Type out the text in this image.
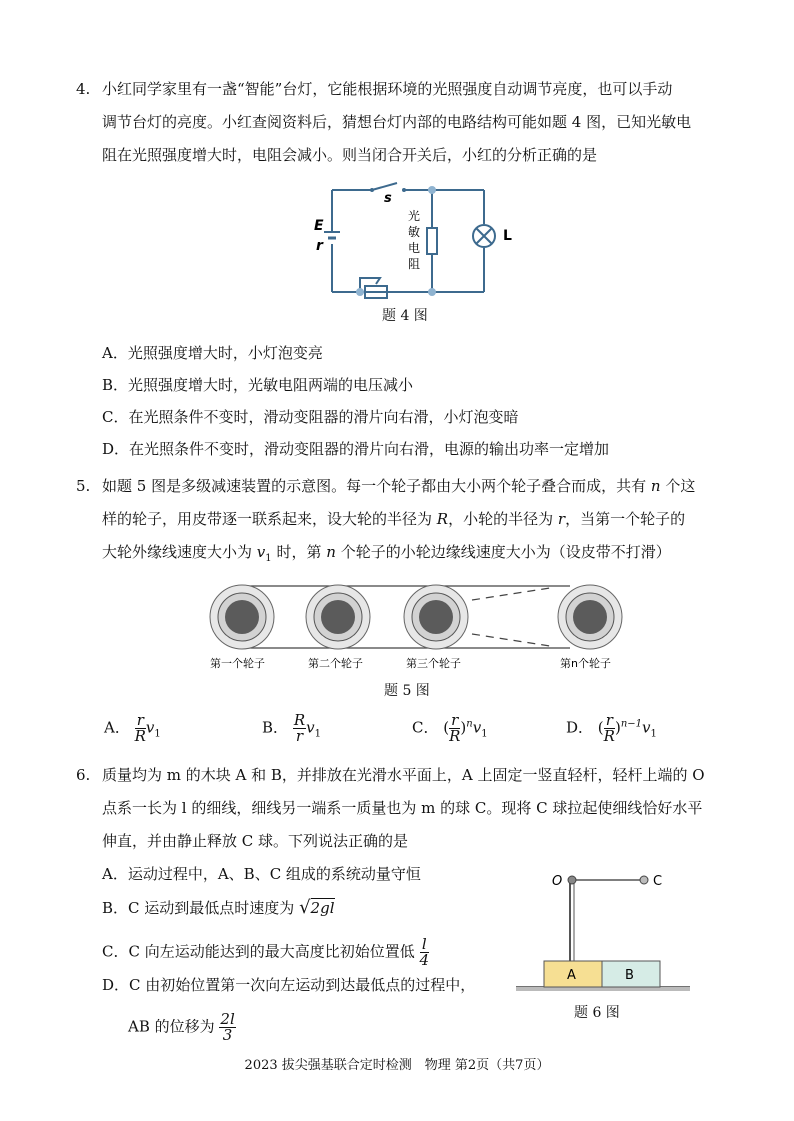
4. 小红同学家里有一盏“智能”台灯，它能根据环境的光照强度自动调节亮度，也可以手动
调节台灯的亮度。小红查阅资料后，猜想台灯内部的电路结构可能如题 4 图，已知光敏电
阻在光照强度增大时，电阻会减小。则当闭合开关后，小红的分析正确的是
E
r
s
L
光
敏
电
阻
题 4 图
A．光照强度增大时，小灯泡变亮
B．光照强度增大时，光敏电阻两端的电压减小
C．在光照条件不变时，滑动变阻器的滑片向右滑，小灯泡变暗
D．在光照条件不变时，滑动变阻器的滑片向右滑，电源的输出功率一定增加
5. 如题 5 图是多级减速装置的示意图。每一个轮子都由大小两个轮子叠合而成，共有 n 个这
样的轮子，用皮带逐一联系起来，设大轮的半径为 R，小轮的半径为 r，当第一个轮子的
大轮外缘线速度大小为 $v_1$ 时，第 n 个轮子的小轮边缘线速度大小为（设皮带不打滑）
第一个轮子	第二个轮子	第三个轮子	第n个轮子
题 5 图
A． $\frac{r}{R} v_1$	B． $\frac{R}{r} v_1$	C． ( $\frac{r}{R} )^nv_1$	D． ( $\frac{r}{R} )^{n-1}v_1$
6. 质量均为 m 的木块 A 和 B，并排放在光滑水平面上，A 上固定一竖直轻杆，轻杆上端的 O
点系一长为 l 的细线，细线另一端系一质量也为 m 的球 C。现将 C 球拉起使细线恰好水平
伸直，并由静止释放 C 球。下列说法正确的是
A．运动过程中，A、B、C 组成的系统动量守恒
B．C 运动到最低点时速度为 √2gl
C．C 向左运动能达到的最大高度比初始位置低 $\frac{l}{4}$
D．C 由初始位置第一次向左运动到达最低点的过程中，
AB 的位移为 $\frac{2l}{3}$
O	C
A	B
题 6 图
2023 拔尖强基联合定时检测　物理 第2页（共7页）
